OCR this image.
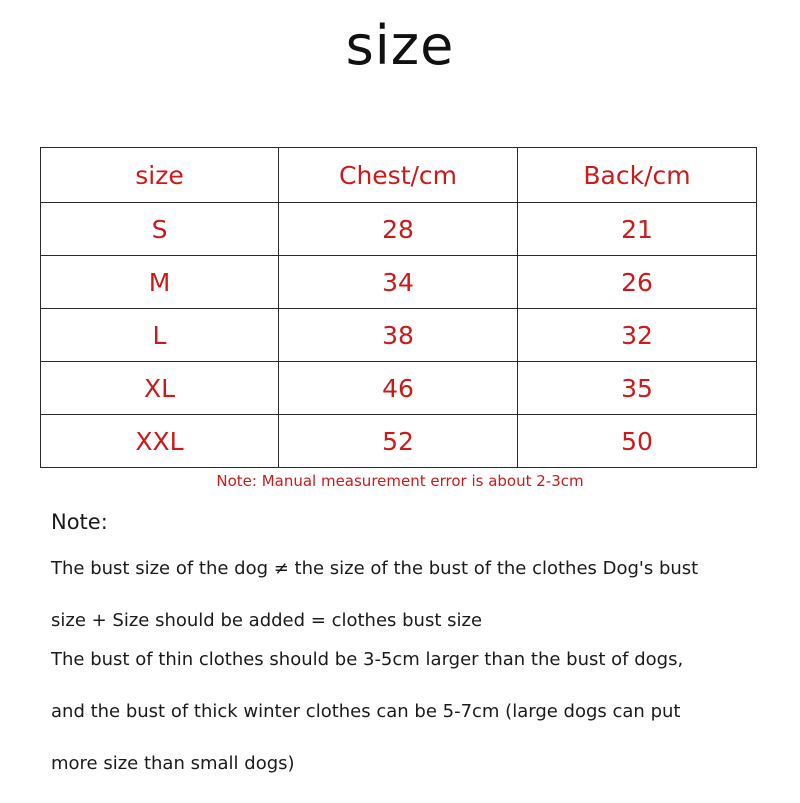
size
size	Chest/cm	Back/cm
S	28	21
M	34	26
L	38	32
XL	46	35
XXL	52	50
Note: Manual measurement error is about 2-3cm
Note:
The bust size of the dog ≠ the size of the bust of the clothes Dog's bust
size + Size should be added = clothes bust size
The bust of thin clothes should be 3-5cm larger than the bust of dogs,
and the bust of thick winter clothes can be 5-7cm (large dogs can put
more size than small dogs)
